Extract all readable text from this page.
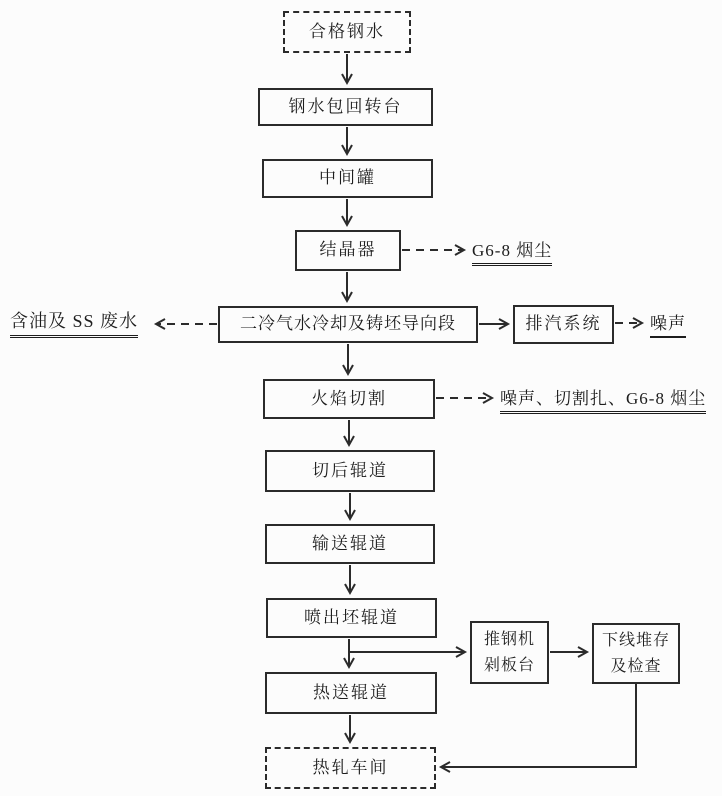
合格钢水
钢水包回转台
中间罐
结晶器
二冷气水冷却及铸坯导向段	排汽系统
火焰切割
切后辊道
输送辊道
喷出坯辊道
推钢机
剁板台
下线堆存
及检查
热送辊道
热轧车间
G6-8 烟尘
含油及 SS 废水	噪声
噪声、切割扎、G6-8 烟尘
